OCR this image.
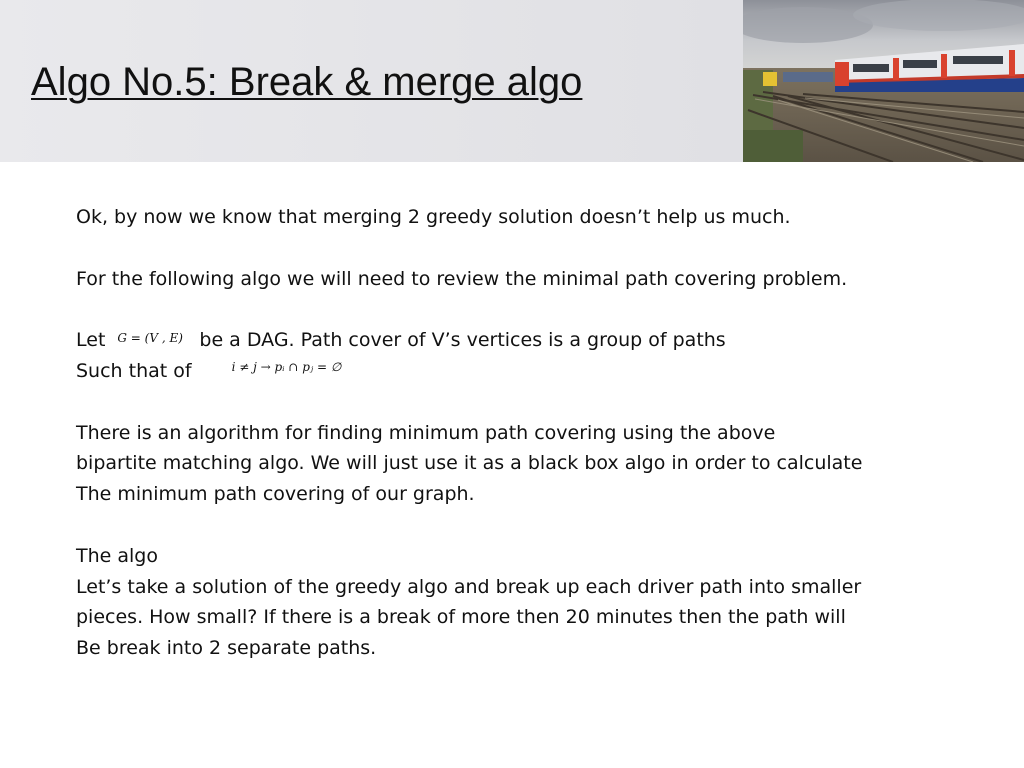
Algo No.5: Break & merge algo

Ok, by now we know that merging 2 greedy solution doesn’t help us much.

For the following algo we will need to review the minimal path covering problem.

Let G = (V , E) be a DAG. Path cover of V’s vertices is a group of paths

Such that of	i ≠ j → pᵢ ∩ pⱼ = ∅

There is an algorithm for finding minimum path covering using the above

bipartite matching algo. We will just use it as a black box algo in order to calculate

The minimum path covering of our graph.

The algo

Let’s take a solution of the greedy algo and break up each driver path into smaller

pieces. How small? If there is a break of more then 20 minutes then the path will

Be break into 2 separate paths.
